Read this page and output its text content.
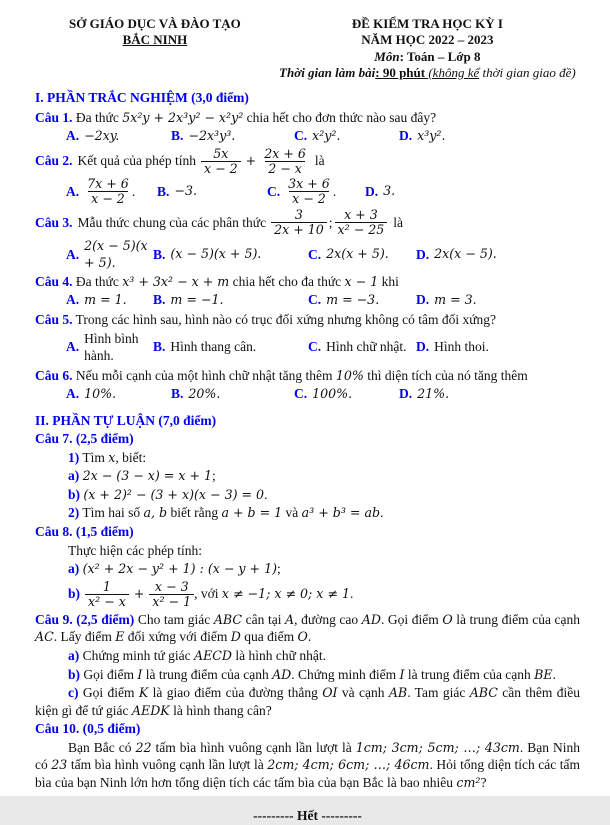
SỞ GIÁO DỤC VÀ ĐÀO TẠO
BẮC NINH
ĐỀ KIỂM TRA HỌC KỲ I
NĂM HỌC 2022 – 2023
Môn: Toán – Lớp 8
Thời gian làm bài: 90 phút (không kể thời gian giao đề)
I. PHẦN TRẮC NGHIỆM (3,0 điểm)

Câu 1. Đa thức 5x²y + 2x³y² − x²y² chia hết cho đơn thức nào sau đây?

A. −2xy.	B. −2x³y³.	C. x²y².	D. x³y².
Câu 2. Kết quả của phép tính $\frac{5x}{x - 2} + \frac{2x + 6}{2 - x}$ là
A. $\frac{7x + 6}{x - 2}$ . B. −3.	C. $\frac{3x + 6}{x - 2}$ . D. 3.
Câu 3. Mẫu thức chung của các phân thức $\frac{3}{2x + 10}$ ; $\frac{x + 3}{\text{x² − 25}}$ là
A.
2(x − 5)(x + 5).
B. (x − 5)(x + 5).	C. 2x(x + 5). D. 2x(x − 5).

Câu 4. Đa thức x³ + 3x² − x + m chia hết cho đa thức x − 1 khi

A. m = 1. B. m = −1.	C. m = −3.	D. m = 3.

Câu 5. Trong các hình sau, hình nào có trục đối xứng nhưng không có tâm đối xứng?

A.
Hình bình hành.
B. Hình thang cân.	C. Hình chữ nhật. D. Hình thoi.

Câu 6. Nếu mỗi cạnh của một hình chữ nhật tăng thêm 10% thì diện tích của nó tăng thêm

A. 10%.	B. 20%.	C. 100%.	D. 21%.
II. PHẦN TỰ LUẬN (7,0 điểm)

Câu 7. (2,5 điểm)

1) Tìm x, biết:

a) 2x − (3 − x) = x + 1;

b) (x + 2)² − (3 + x)(x − 3) = 0.

2) Tìm hai số a, b biết rằng a + b = 1 và a³ + b³ = ab.

Câu 8. (1,5 điểm)

Thực hiện các phép tính:

a) (x² + 2x − y² + 1) : (x − y + 1);

$b) \frac{1}{\text{x² − x}} + \frac{x - 3}{\text{x² − 1}}$ , với x ≠ −1; x ≠ 0; x ≠ 1.

Câu 9. (2,5 điểm) Cho tam giác ABC cân tại A, đường cao AD. Gọi điểm O là trung điểm của cạnh AC. Lấy điểm E đối xứng với điểm D qua điểm O.

a) Chứng minh tứ giác AECD là hình chữ nhật.

b) Gọi điểm I là trung điểm của cạnh AD. Chứng minh điểm I là trung điểm của cạnh BE.

c) Gọi điểm K là giao điểm của đường thẳng OI và cạnh AB. Tam giác ABC cần thêm điều kiện gì để tứ giác AEDK là hình thang cân?

Câu 10. (0,5 điểm)

Bạn Bắc có 22 tấm bìa hình vuông cạnh lần lượt là 1cm; 3cm; 5cm; …; 43cm. Bạn Ninh có 23 tấm bìa hình vuông cạnh lần lượt là 2cm; 4cm; 6cm; …; 46cm. Hỏi tổng diện tích các tấm bìa của bạn Ninh lớn hơn tổng diện tích các tấm bìa của bạn Bắc là bao nhiêu cm²?

--------- Hết ---------
